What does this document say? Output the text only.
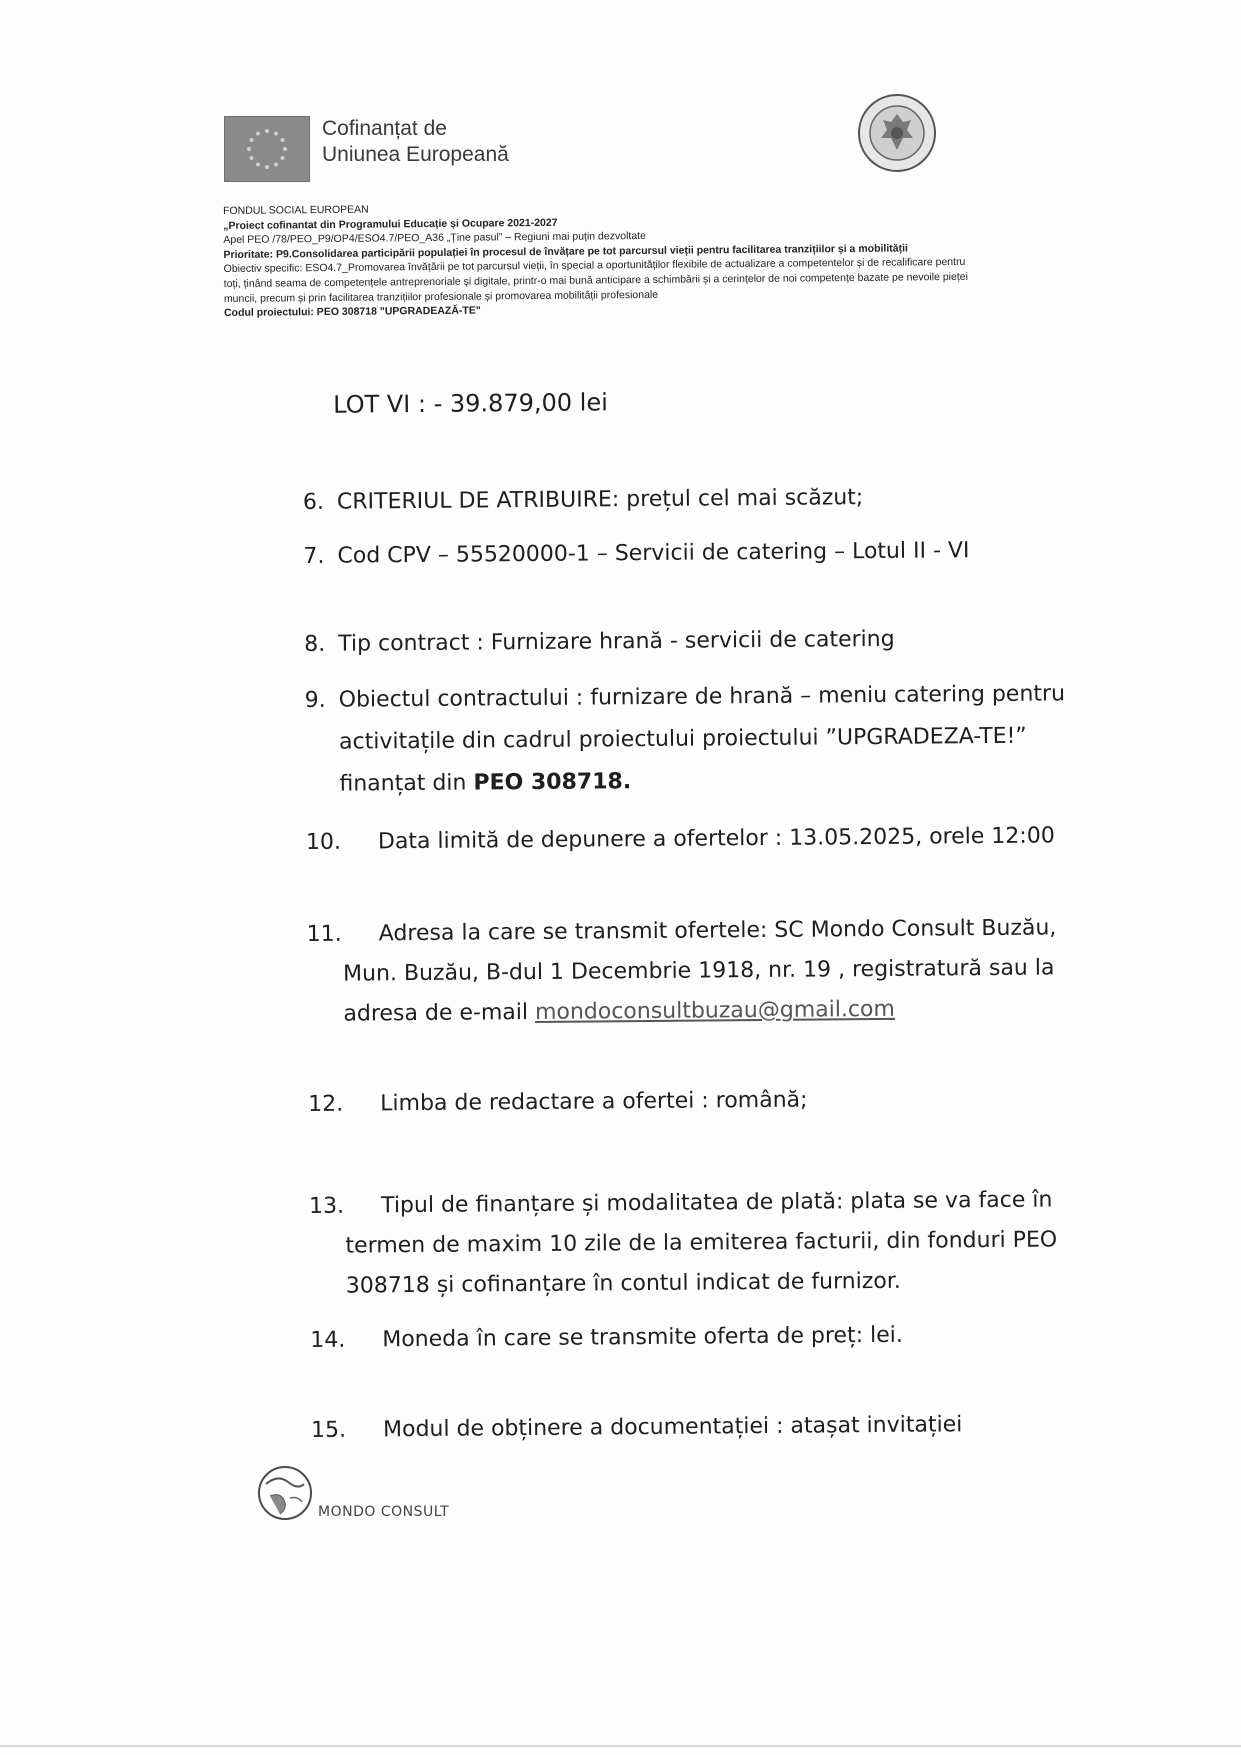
Cofinanțat de
Uniunea Europeană
FONDUL SOCIAL EUROPEAN
„Proiect cofinantat din Programului Educație și Ocupare 2021-2027
Apel PEO /78/PEO_P9/OP4/ESO4.7/PEO_A36 „Ține pasul” – Regiuni mai puțin dezvoltate
Prioritate: P9.Consolidarea participării populației în procesul de învățare pe tot parcursul vieții pentru facilitarea tranzițiilor și a mobilității
Obiectiv specific: ESO4.7_Promovarea învățării pe tot parcursul vieții, în special a oportunităților flexibile de actualizare a competentelor și de recalificare pentru
toți, ținând seama de competențele antreprenoriale și digitale, printr-o mai bună anticipare a schimbării și a cerințelor de noi competențe bazate pe nevoile pieței
muncii, precum și prin facilitarea tranzițiilor profesionale și promovarea mobilității profesionale
Codul proiectului: PEO 308718 "UPGRADEAZĂ-TE"
LOT VI : - 39.879,00 lei
6. CRITERIUL DE ATRIBUIRE: prețul cel mai scăzut;
7. Cod CPV – 55520000-1 – Servicii de catering – Lotul II - VI
8. Tip contract : Furnizare hrană - servicii de catering
9. Obiectul contractului : furnizare de hrană – meniu catering pentru
activitațile din cadrul proiectului proiectului ”UPGRADEZA-TE!”
finanțat din PEO 308718.
10. Data limită de depunere a ofertelor : 13.05.2025, orele 12:00
11. Adresa la care se transmit ofertele: SC Mondo Consult Buzău,
Mun. Buzău, B-dul 1 Decembrie 1918, nr. 19 , registratură sau la
adresa de e-mail mondoconsultbuzau@gmail.com
12. Limba de redactare a ofertei : română;
13. Tipul de finanțare și modalitatea de plată: plata se va face în
termen de maxim 10 zile de la emiterea facturii, din fonduri PEO
308718 și cofinanțare în contul indicat de furnizor.
14. Moneda în care se transmite oferta de preț: lei.
15. Modul de obținere a documentației : atașat invitației
MONDO CONSULT
